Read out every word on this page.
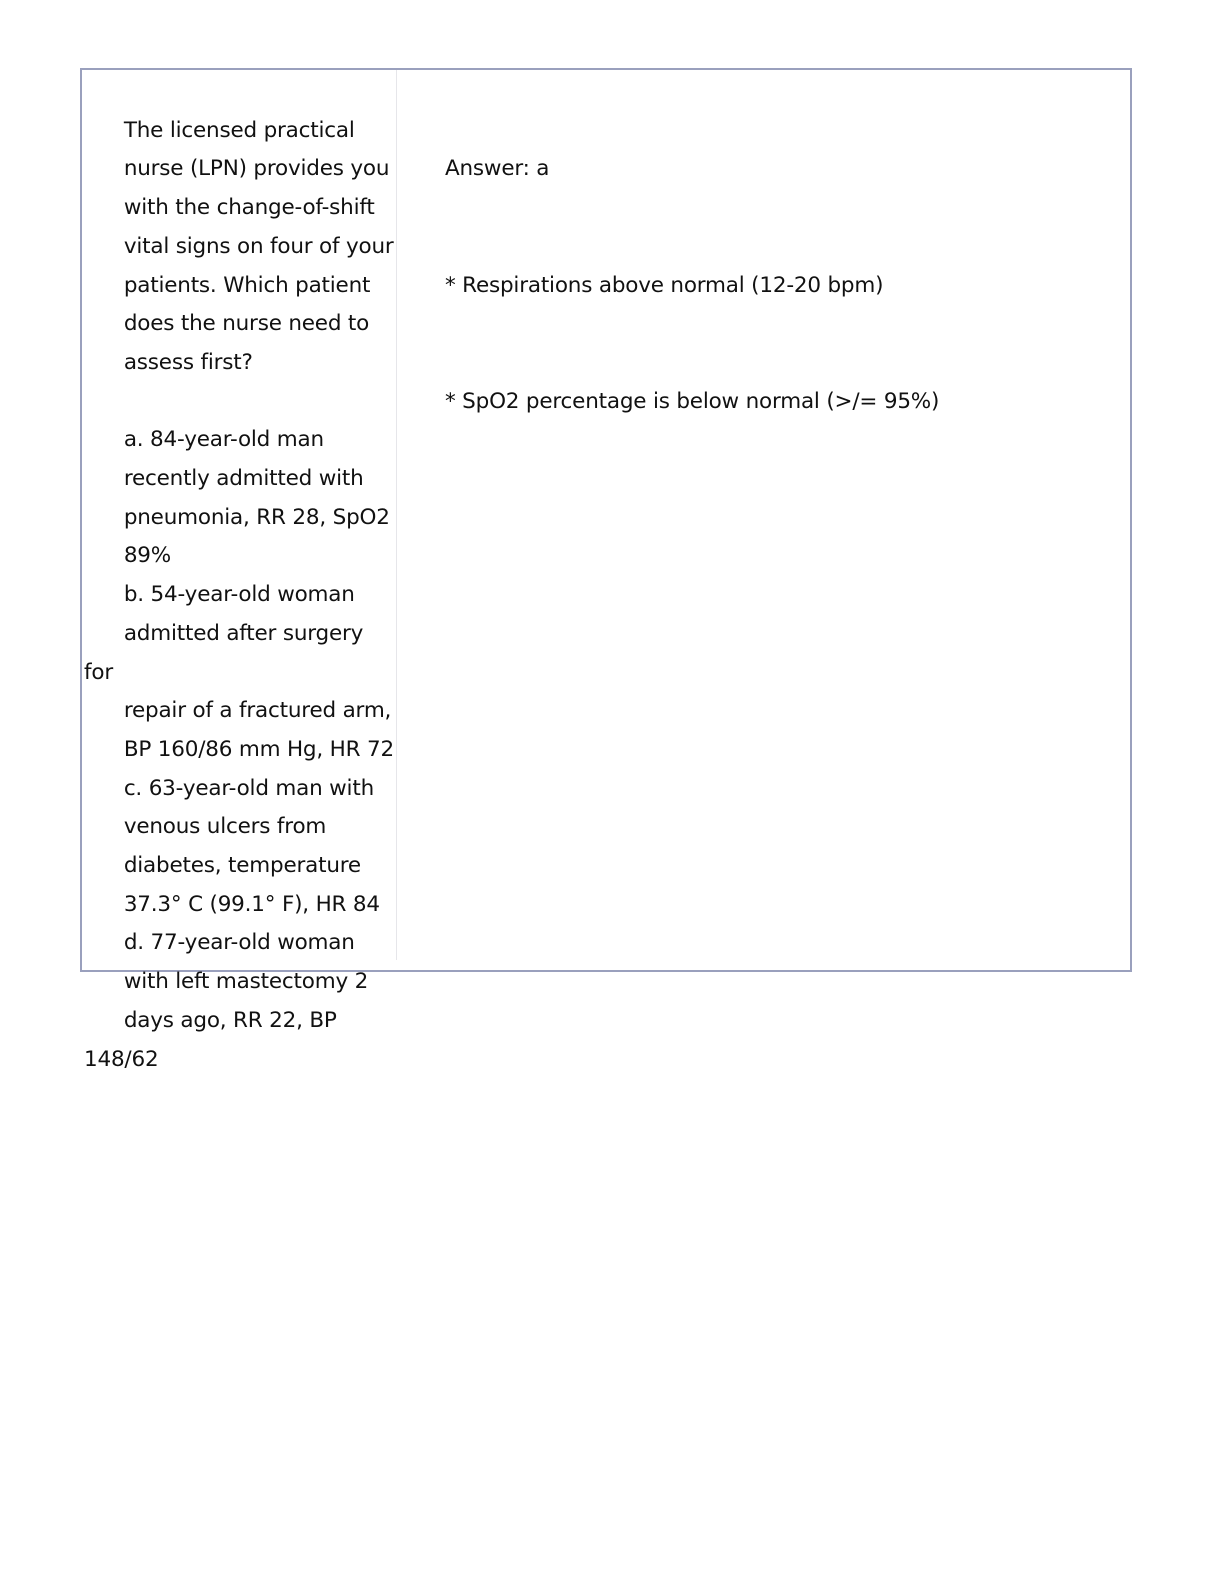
The licensed practical
nurse (LPN) provides you
with the change-of-shift
vital signs on four of your
patients. Which patient
does the nurse need to
assess first?

a. 84-year-old man
recently admitted with
pneumonia, RR 28, SpO2
89%
b. 54-year-old woman
admitted after surgery for
repair of a fractured arm,
BP 160/86 mm Hg, HR 72
c. 63-year-old man with
venous ulcers from
diabetes, temperature
37.3° C (99.1° F), HR 84
d. 77-year-old woman
with left mastectomy 2
days ago, RR 22, BP 148/62

Answer: a

* Respirations above normal (12-20 bpm)

* SpO2 percentage is below normal (>/= 95%)
